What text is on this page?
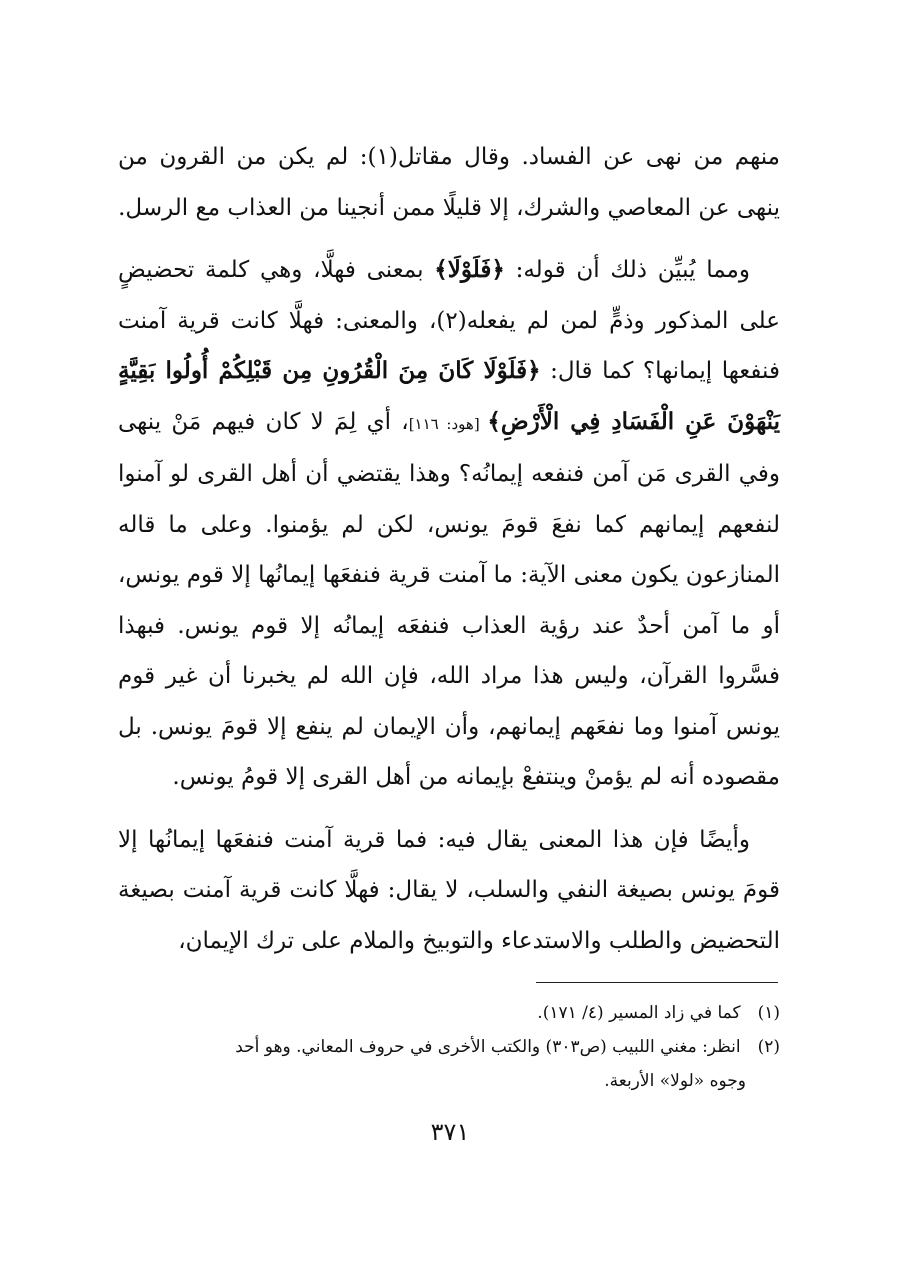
منهم من نهى عن الفساد. وقال مقاتل(١): لم يكن من القرون من ينهى عن المعاصي والشرك، إلا قليلًا ممن أنجينا من العذاب مع الرسل.

ومما يُبيِّن ذلك أن قوله: ﴿فَلَوْلَا﴾ بمعنى فهلَّا، وهي كلمة تحضيضٍ على المذكور وذمٍّ لمن لم يفعله(٢)، والمعنى: فهلَّا كانت قرية آمنت فنفعها إيمانها؟ كما قال: ﴿فَلَوْلَا كَانَ مِنَ الْقُرُونِ مِن قَبْلِكُمْ أُولُوا بَقِيَّةٍ يَنْهَوْنَ عَنِ الْفَسَادِ فِي الْأَرْضِ﴾ [هود: ١١٦]، أي لِمَ لا كان فيهم مَنْ ينهى وفي القرى مَن آمن فنفعه إيمانُه؟ وهذا يقتضي أن أهل القرى لو آمنوا لنفعهم إيمانهم كما نفعَ قومَ يونس، لكن لم يؤمنوا. وعلى ما قاله المنازعون يكون معنى الآية: ما آمنت قرية فنفعَها إيمانُها إلا قوم يونس، أو ما آمن أحدٌ عند رؤية العذاب فنفعَه إيمانُه إلا قوم يونس. فبهذا فسَّروا القرآن، وليس هذا مراد الله، فإن الله لم يخبرنا أن غير قوم يونس آمنوا وما نفعَهم إيمانهم، وأن الإيمان لم ينفع إلا قومَ يونس. بل مقصوده أنه لم يؤمنْ وينتفعْ بإيمانه من أهل القرى إلا قومُ يونس.

وأيضًا فإن هذا المعنى يقال فيه: فما قرية آمنت فنفعَها إيمانُها إلا قومَ يونس بصيغة النفي والسلب، لا يقال: فهلَّا كانت قرية آمنت بصيغة التحضيض والطلب والاستدعاء والتوبيخ والملام على ترك الإيمان،

(١) كما في زاد المسير (٤/ ١٧١).

(٢) انظر: مغني اللبيب (ص٣٠٣) والكتب الأخرى في حروف المعاني. وهو أحد

وجوه «لولا» الأربعة.

٣٧١
